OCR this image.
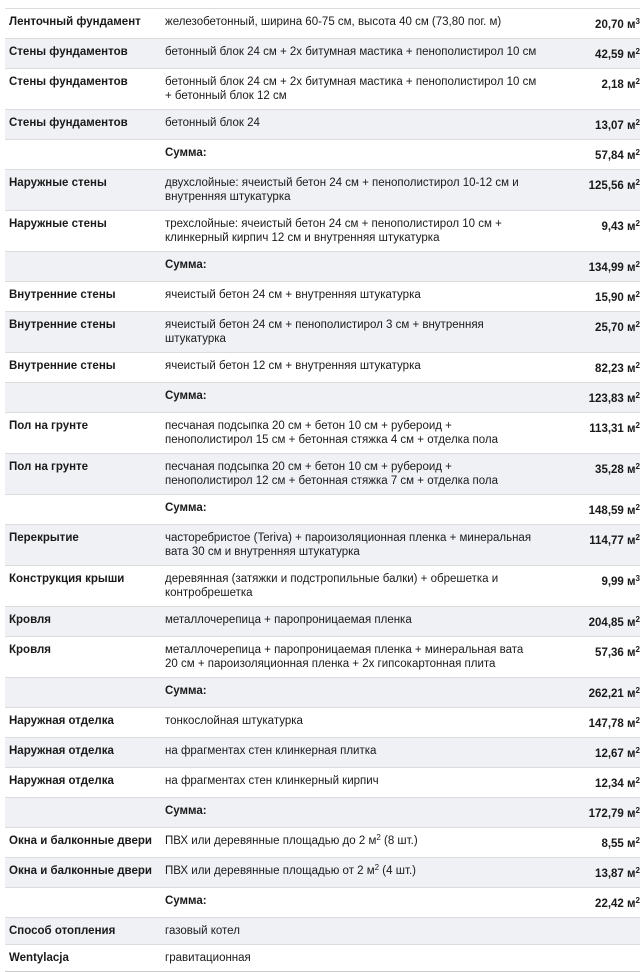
Ленточный фундамент	железобетонный, ширина 60-75 см, высота 40 см (73,80 пог. м)	20,70 $м^3$
Стены фундаментов	бетонный блок 24 см + 2х битумная мастика + пенополистирол 10 см	42,59 $м^2$
Стены фундаментов	бетонный блок 24 см + 2х битумная мастика + пенополистирол 10 см + бетонный блок 12 см	2,18 $м^2$
Стены фундаментов	бетонный блок 24	13,07 $м^2$
	Сумма:	57,84 $м^2$
Наружные стены	двухслойные: ячеистый бетон 24 см + пенополистирол 10-12 см и внутренняя штукатурка	125,56 $м^2$
Наружные стены	трехслойные: ячеистый бетон 24 см + пенополистирол 10 см + клинкерный кирпич 12 см и внутренняя штукатурка	9,43 $м^2$
	Сумма:	134,99 $м^2$
Внутренние стены	ячеистый бетон 24 см + внутренняя штукатурка	15,90 $м^2$
Внутренние стены	ячеистый бетон 24 см + пенополистирол 3 см + внутренняя штукатурка	25,70 $м^2$
Внутренние стены	ячеистый бетон 12 см + внутренняя штукатурка	82,23 $м^2$
	Сумма:	123,83 $м^2$
Пол на грунте	песчаная подсыпка 20 см + бетон 10 см + рубероид + пенополистирол 15 см + бетонная стяжка 4 см + отделка пола	113,31 $м^2$
Пол на грунте	песчаная подсыпка 20 см + бетон 10 см + рубероид + пенополистирол 12 см + бетонная стяжка 7 см + отделка пола	35,28 $м^2$
	Сумма:	148,59 $м^2$
Перекрытие	часторебристое (Teriva) + пароизоляционная пленка + минеральная вата 30 см и внутренняя штукатурка	114,77 $м^2$
Конструкция крыши	деревянная (затяжки и подстропильные балки) + обрешетка и контробрешетка	9,99 $м^3$
Кровля	металлочерепица + паропроницаемая пленка	204,85 $м^2$
Кровля	металлочерепица + паропроницаемая пленка + минеральная вата 20 см + пароизоляционная пленка + 2х гипсокартонная плита	57,36 $м^2$
	Сумма:	262,21 $м^2$
Наружная отделка	тонкослойная штукатурка	147,78 $м^2$
Наружная отделка	на фрагментах стен клинкерная плитка	12,67 $м^2$
Наружная отделка	на фрагментах стен клинкерный кирпич	12,34 $м^2$
	Сумма:	172,79 $м^2$
Окна и балконные двери	ПВХ или деревянные площадью до 2 $м^2$ (8 шт.)	8,55 $м^2$
Окна и балконные двери	ПВХ или деревянные площадью от 2 $м^2$ (4 шт.)	13,87 $м^2$
	Сумма:	22,42 $м^2$
Способ отопления	газовый котел	
Wentylacja	гравитационная	
